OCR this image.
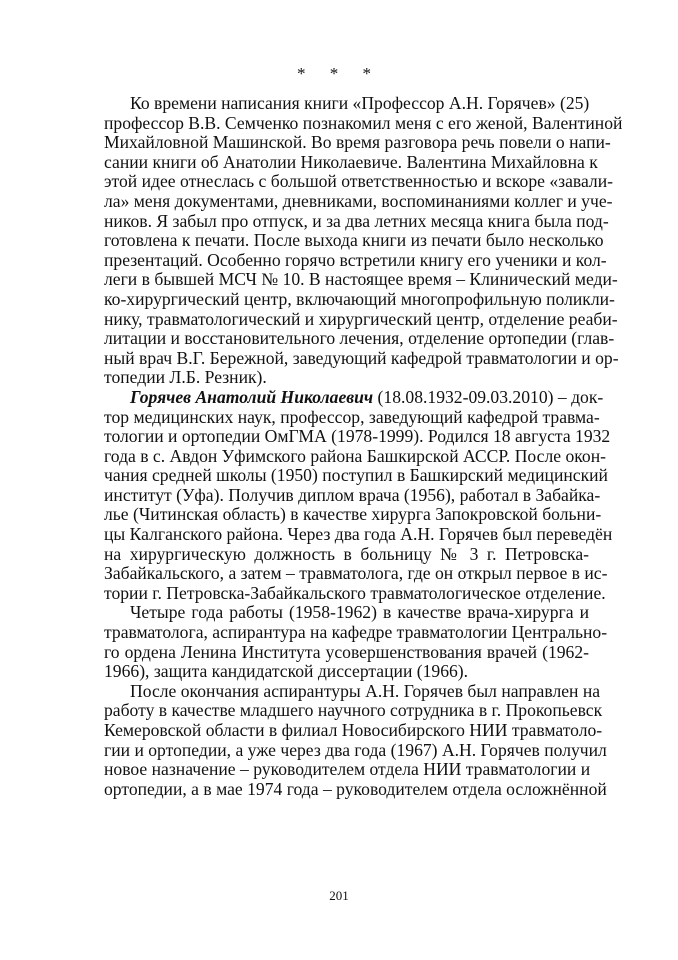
* * *
Ко времени написания книги «Профессор А.Н. Горячев» (25)
профессор В.В. Семченко познакомил меня с его женой, Валентиной
Михайловной Машинской. Во время разговора речь повели о напи-
сании книги об Анатолии Николаевиче. Валентина Михайловна к
этой идее отнеслась с большой ответственностью и вскоре «завали-
ла» меня документами, дневниками, воспоминаниями коллег и уче-
ников. Я забыл про отпуск, и за два летних месяца книга была под-
готовлена к печати. После выхода книги из печати было несколько
презентаций. Особенно горячо встретили книгу его ученики и кол-
леги в бывшей МСЧ № 10. В настоящее время – Клинический меди-
ко-хирургический центр, включающий многопрофильную поликли-
нику, травматологический и хирургический центр, отделение реаби-
литации и восстановительного лечения, отделение ортопедии (глав-
ный врач В.Г. Бережной, заведующий кафедрой травматологии и ор-
топедии Л.Б. Резник).
Горячев Анатолий Николаевич (18.08.1932-09.03.2010) – док-
тор медицинских наук, профессор, заведующий кафедрой травма-
тологии и ортопедии ОмГМА (1978-1999). Родился 18 августа 1932
года в с. Авдон Уфимского района Башкирской АССР. После окон-
чания средней школы (1950) поступил в Башкирский медицинский
институт (Уфа). Получив диплом врача (1956), работал в Забайка-
лье (Читинская область) в качестве хирурга Запокровской больни-
цы Калганского района. Через два года А.Н. Горячев был переведён
на хирургическую должность в больницу № 3 г. Петровска-
Забайкальского, а затем – травматолога, где он открыл первое в ис-
тории г. Петровска-Забайкальского травматологическое отделение.
Четыре года работы (1958-1962) в качестве врача-хирурга и
травматолога, аспирантура на кафедре травматологии Центрально-
го ордена Ленина Института усовершенствования врачей (1962-
1966), защита кандидатской диссертации (1966).
После окончания аспирантуры А.Н. Горячев был направлен на
работу в качестве младшего научного сотрудника в г. Прокопьевск
Кемеровской области в филиал Новосибирского НИИ травматоло-
гии и ортопедии, а уже через два года (1967) А.Н. Горячев получил
новое назначение – руководителем отдела НИИ травматологии и
ортопедии, а в мае 1974 года – руководителем отдела осложнённой
201
